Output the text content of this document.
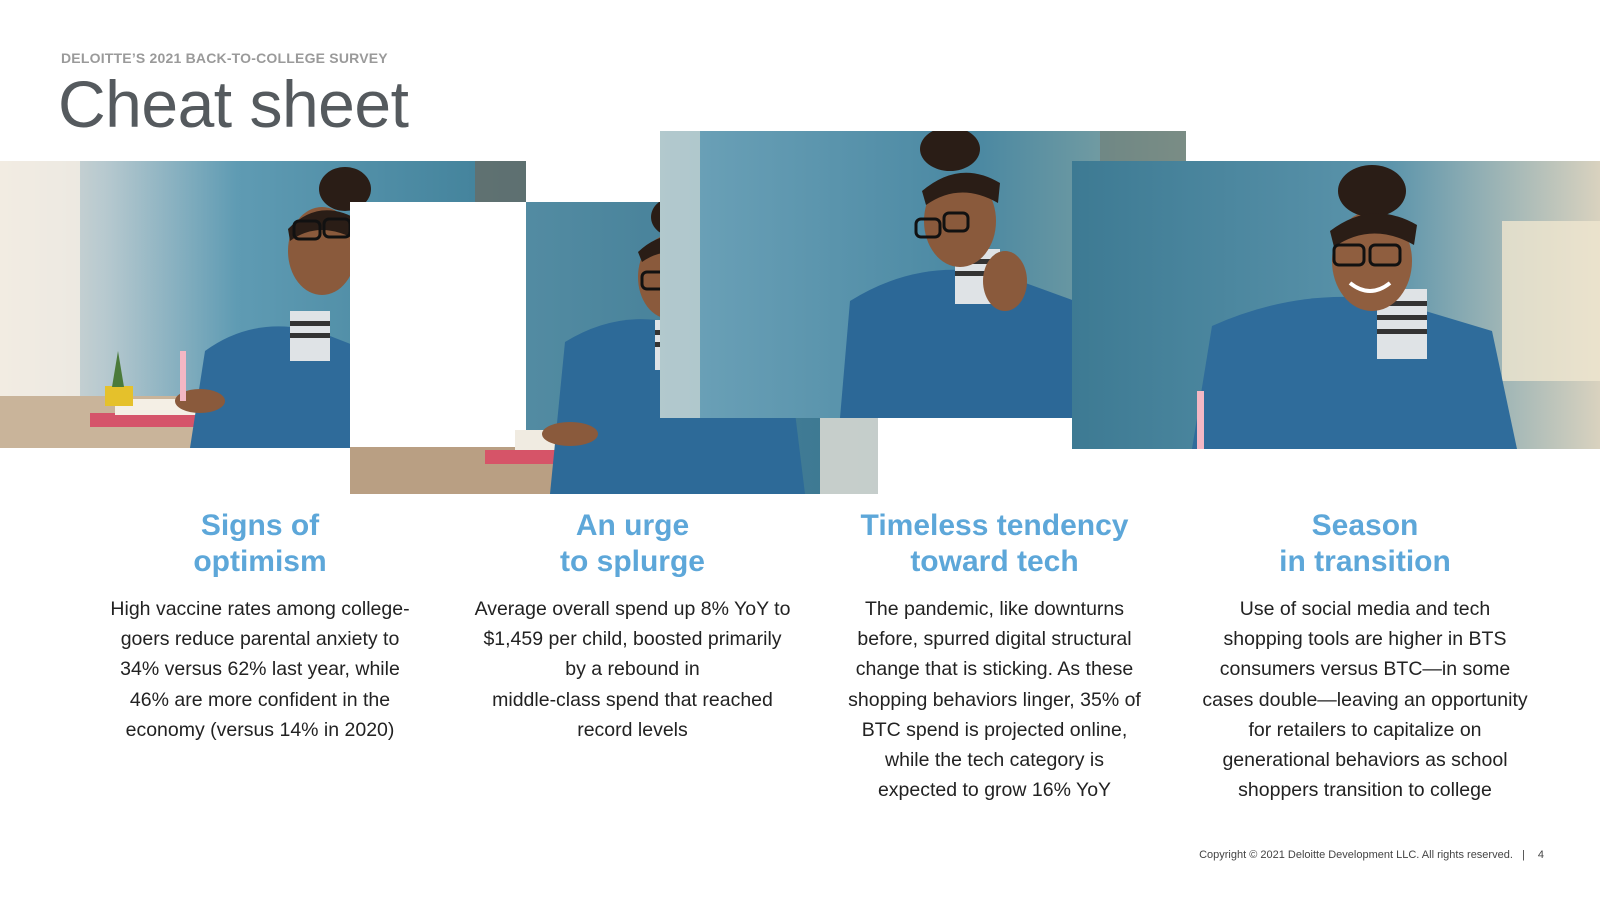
DELOITTE’S 2021 BACK-TO-COLLEGE SURVEY
Cheat sheet
Signs of
optimism
High vaccine rates among college-
goers reduce parental anxiety to
34% versus 62% last year, while
46% are more confident in the
economy (versus 14% in 2020)
An urge
to splurge
Average overall spend up 8% YoY to
$1,459 per child, boosted primarily
by a rebound in
middle-class spend that reached
record levels
Timeless tendency
toward tech
The pandemic, like downturns
before, spurred digital structural
change that is sticking. As these
shopping behaviors linger, 35% of
BTC spend is projected online,
while the tech category is
expected to grow 16% YoY
Season
in transition
Use of social media and tech
shopping tools are higher in BTS
consumers versus BTC—in some
cases double—leaving an opportunity
for retailers to capitalize on
generational behaviors as school
shoppers transition to college
Copyright © 2021 Deloitte Development LLC. All rights reserved. | 4
